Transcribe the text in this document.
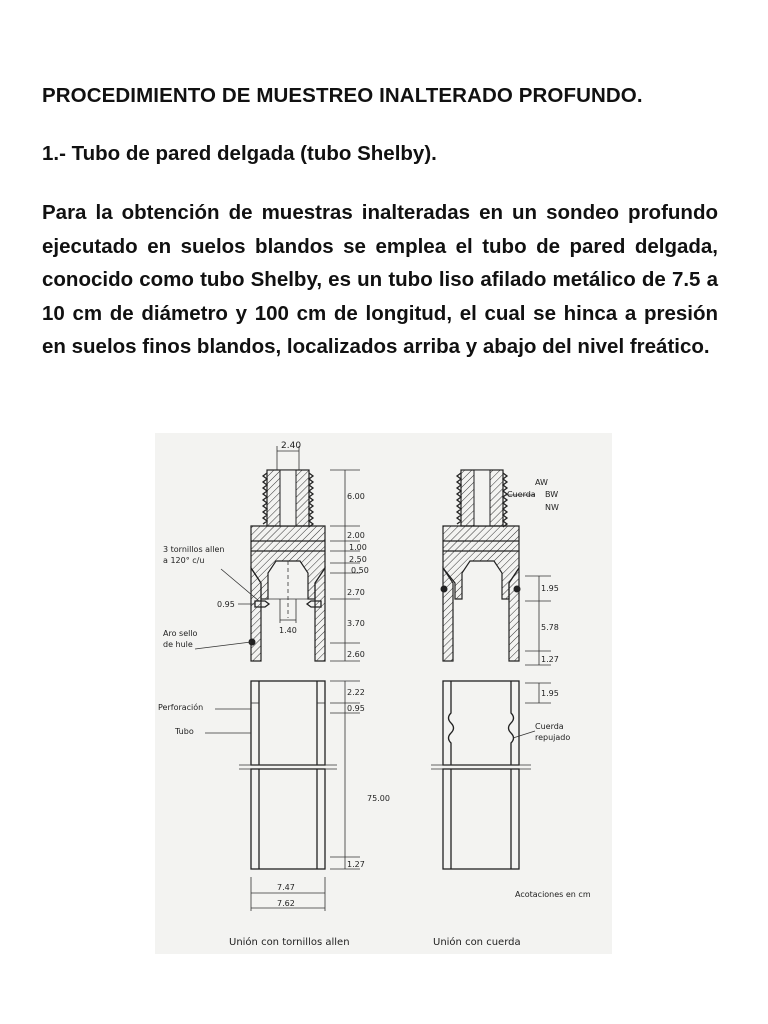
PROCEDIMIENTO DE MUESTREO INALTERADO PROFUNDO.
1.- Tubo de pared delgada (tubo Shelby).

Para la obtención de muestras inalteradas en un sondeo profundo ejecutado en suelos blandos se emplea el tubo de pared delgada, conocido como tubo Shelby, es un tubo liso afilado metálico de 7.5 a 10 cm de diámetro y 100 cm de longitud, el cual se hinca a presión en suelos finos blandos, localizados arriba y abajo del nivel freático.

2.40
6.00
2.00
1.00
2.50
0.50
2.70
3.70
2.60
0.95
1.40
2.22
0.95
75.00
1.27
7.47
7.62
3 tornillos allen
a 120° c/u
Aro sello
de hule
Perforación
Tubo
Unión con tornillos allen
AW
Cuerda BW
NW
1.95
5.78
1.27
1.95
Cuerda
repujado
Acotaciones en cm
Unión con cuerda
